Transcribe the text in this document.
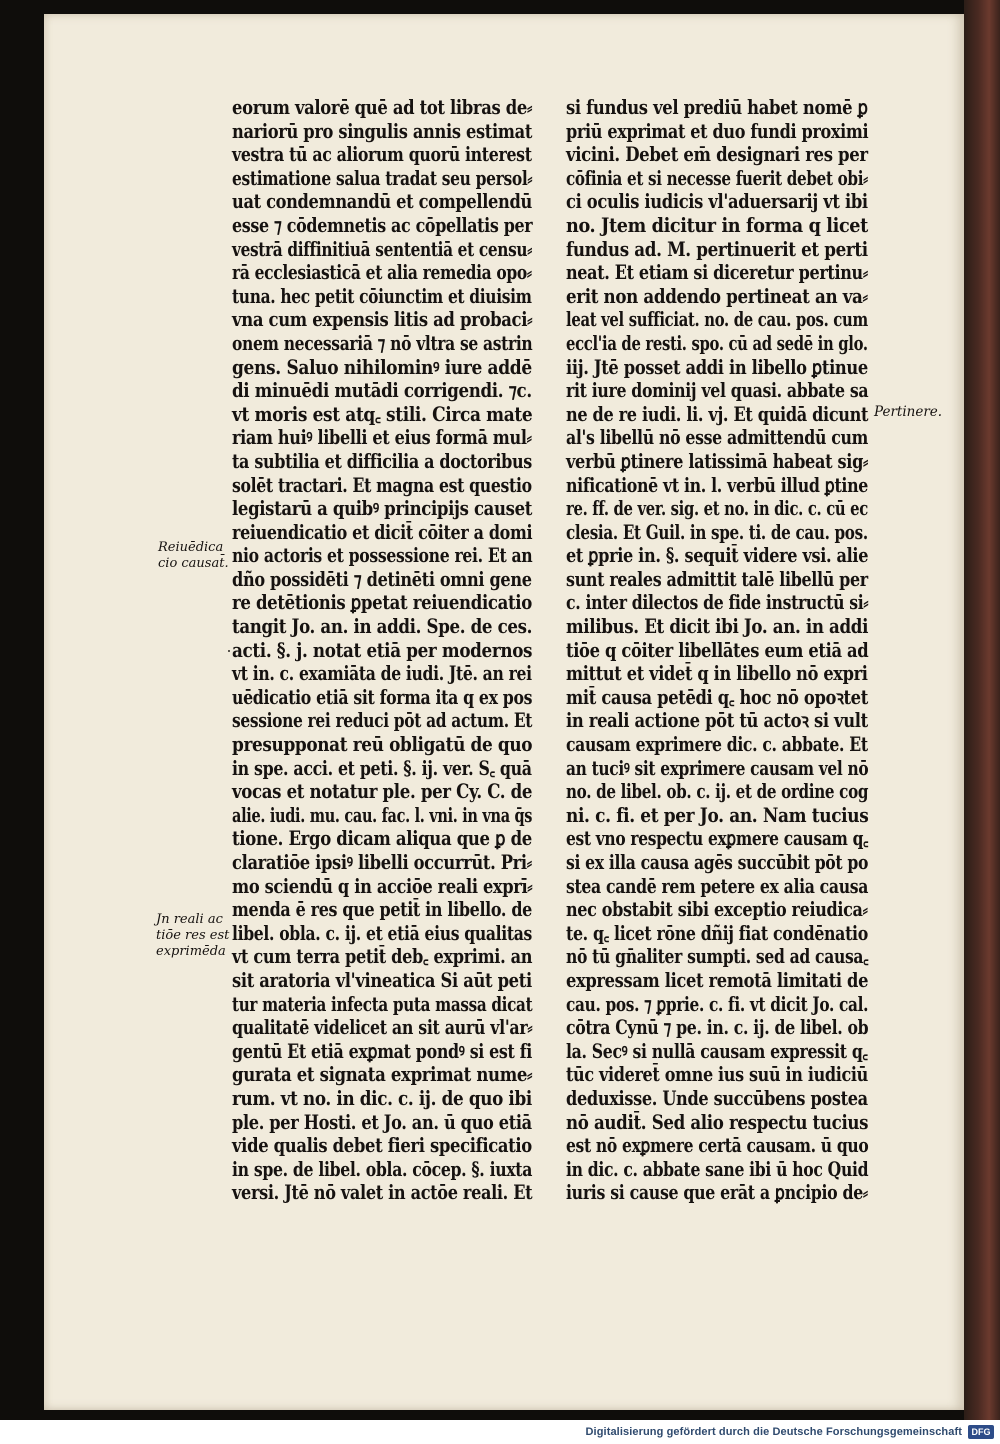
Reiuēdica
cio causat̄.
Jn reali ac
tiōe res est
exprimēda
Pertinere.
eorum valorē quē ad tot libras de⸗
nariorū pro singulis annis estimat
vestra tū ac aliorum quorū interest
estimatione salua tradat seu persol⸗
uat condemnandū et compellendū
esse ⁊ cōdemnetis ac cōpellatis per
vestrā diffinitiuā sententiā et censu⸗
rā ecclesiasticā et alia remedia opo⸗
tuna. hec petit cōiunctim et diuisim
vna cum expensis litis ad probaci⸗
onem necessariā ⁊ nō vltra se astrin
gens. Saluo nihilominꝰ iure addē
di minuēdi mutādi corrigendi. ⁊c.
vt moris est atq꜀ stili. Circa mate
riam huiꝰ libelli et eius formā mul⸗
ta subtilia et difficilia a doctoribus
solēt tractari. Et magna est questio
legistarū a quibꝰ principijs causet
reiuendicatio et dicit̄ cōiter a domi
nio actoris et possessione rei. Et an
dño possidēti ⁊ detinēti omni gene
re detētionis ꝑpetat reiuendicatio
tangit Jo. an. in addi. Spe. de ces.
acti. §. j. notat etiā per modernos
vt in. c. examiāta de iudi. Jtē. an rei
uēdicatio etiā sit forma ita q ex pos
sessione rei reduci pōt ad actum. Et
presupponat reū obligatū de quo
in spe. acci. et peti. §. ij. ver. S꜀ quā
vocas et notatur ple. per Cy. C. de
alie. iudi. mu. cau. fac. l. vni. in vna q̄s
tione. Ergo dicam aliqua que ꝑ de
claratiōe ipsiꝰ libelli occurrūt. Pri⸗
mo sciendū q in acciōe reali exprī⸗
menda ē res que petit̄ in libello. de
libel. obla. c. ij. et etiā eius qualitas
vt cum terra petit̄ deb꜀ exprimi. an
sit aratoria vl'vineatica Si aūt peti
tur materia infecta puta massa dicat
qualitatē videlicet an sit aurū vl'ar⸗
gentū Et etiā exꝑmat pondꝰ si est fi
gurata et signata exprimat nume⸗
rum. vt no. in dic. c. ij. de quo ibi
ple. per Hosti. et Jo. an. ū quo etiā
vide qualis debet fieri specificatio
in spe. de libel. obla. cōcep. §. iuxta
versi. Jtē nō valet in actōe reali. Et
si fundus vel prediū habet nomē ꝑ
priū exprimat et duo fundi proximi
vicini. Debet em̄ designari res per
cōfinia et si necesse fuerit debet obi⸗
ci oculis iudicis vl'aduersarij vt ibi
no. Jtem dicitur in forma q licet
fundus ad. M. pertinuerit et perti
neat. Et etiam si diceretur pertinu⸗
erit non addendo pertineat an va⸗
leat vel sufficiat. no. de cau. pos. cum
eccl'ia de resti. spo. cū ad sedē in glo.
iij. Jtē posset addi in libello ꝑtinue
rit iure dominij vel quasi. abbate sa
ne de re iudi. li. vj. Et quidā dicunt
al's libellū nō esse admittendū cum
verbū ꝑtinere latissimā habeat sig⸗
nificationē vt in. l. verbū illud ꝑtine
re. ff. de ver. sig. et no. in dic. c. cū ec
clesia. Et Guil. in spe. ti. de cau. pos.
et ꝑprie in. §. sequit̄ videre vsi. alie
sunt reales admittit talē libellū per
c. inter dilectos de fide instructū si⸗
milibus. Et dicit ibi Jo. an. in addi
tiōe q cōiter libellātes eum etiā ad
mittut et videt̄ q in libello nō expri
mit̄ causa petēdi q꜀ hoc nō opoꝛtet
in reali actione pōt tū actoꝛ si vult
causam exprimere dic. c. abbate. Et
an tuciꝰ sit exprimere causam vel nō
no. de libel. ob. c. ij. et de ordine cog
ni. c. fi. et per Jo. an. Nam tucius
est vno respectu exꝑmere causam q꜀
si ex illa causa agēs succūbit pōt po
stea candē rem petere ex alia causa
nec obstabit sibi exceptio reiudica⸗
te. q꜀ licet rōne dñij fiat condēnatio
nō tū gn̄aliter sumpti. sed ad causa꜀
expressam licet remotā limitati de
cau. pos. ⁊ ꝑprie. c. fi. vt dicit Jo. cal.
cōtra Cynū ⁊ pe. in. c. ij. de libel. ob
la. Secꝰ si nullā causam expressit q꜀
tūc videret̄ omne ius suū in iudiciū
deduxisse. Unde succūbens postea
nō audit̄. Sed alio respectu tucius
est nō exꝑmere certā causam. ū quo
in dic. c. abbate sane ibi ū hoc Quid
iuris si cause que erāt a ꝑncipio de⸗
Digitalisierung gefördert durch die Deutsche Forschungsgemeinschaft	DFG
